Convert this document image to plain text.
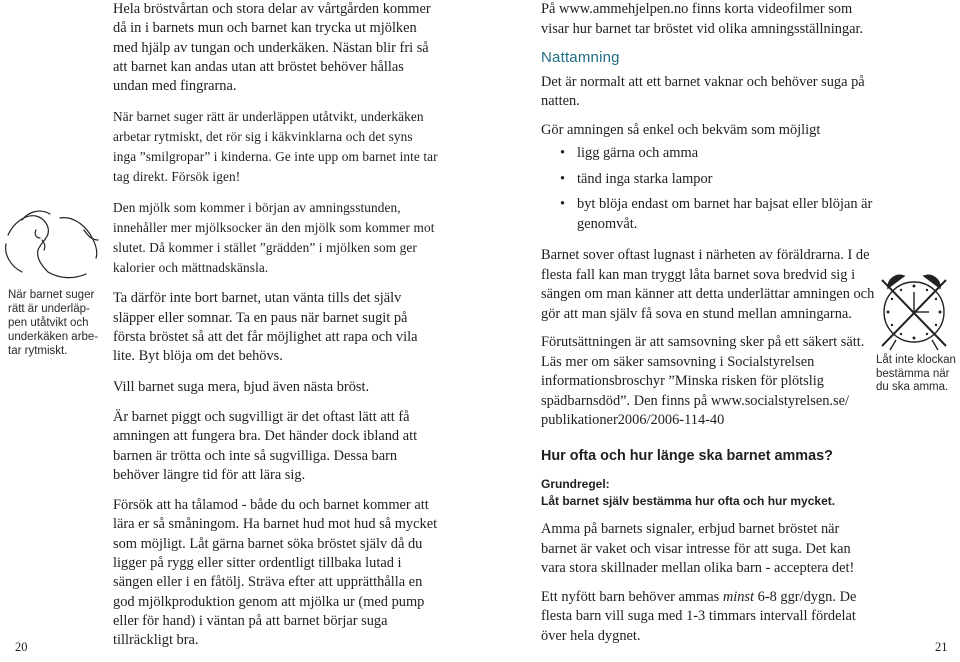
När barnet suger rätt är underläp-pen utåtvikt och underkäken arbe-tar rytmiskt.

Hela bröstvårtan och stora delar av vårtgården kommer då in i barnets mun och barnet kan trycka ut mjölken med hjälp av tungan och underkäken. Nästan blir fri så att barnet kan andas utan att bröstet behöver hållas undan med fingrarna.

När barnet suger rätt är underläppen utåtvikt, underkäken arbetar rytmiskt, det rör sig i käkvinklarna och det syns inga ”smilgropar” i kinderna. Ge inte upp om barnet inte tar tag direkt. Försök igen!

Den mjölk som kommer i början av amningsstunden, innehåller mer mjölksocker än den mjölk som kommer mot slutet. Då kommer i stället ”grädden” i mjölken som ger kalorier och mättnadskänsla.

Ta därför inte bort barnet, utan vänta tills det själv släpper eller somnar. Ta en paus när barnet sugit på första bröstet så att det får möjlighet att rapa och vila lite. Byt blöja om det behövs.

Vill barnet suga mera, bjud även nästa bröst.

Är barnet piggt och sugvilligt är det oftast lätt att få amningen att fungera bra. Det händer dock ibland att barnen är trötta och inte så sugvilliga. Dessa barn behöver längre tid för att lära sig.

Försök att ha tålamod - både du och barnet kommer att lära er så småningom. Ha barnet hud mot hud så mycket som möjligt. Låt gärna barnet söka bröstet själv då du ligger på rygg eller sitter ordentligt tillbaka lutad i sängen eller i en fåtölj. Sträva efter att upprätthålla en god mjölkproduktion genom att mjölka ur (med pump eller för hand) i väntan på att barnet börjar suga tillräckligt bra.

20

På www.ammehjelpen.no finns korta videofilmer som visar hur barnet tar bröstet vid olika amningsställningar.

Nattamning

Det är normalt att ett barnet vaknar och behöver suga på natten.

Gör amningen så enkel och bekväm som möjligt

• ligg gärna och amma
• tänd inga starka lampor
• byt blöja endast om barnet har bajsat eller blöjan är genomvåt.

Barnet sover oftast lugnast i närheten av föräldrarna. I de flesta fall kan man tryggt låta barnet sova bredvid sig i sängen om man känner att detta underlättar amningen och gör att man själv få sova en stund mellan amningarna.

Förutsättningen är att samsovning sker på ett säkert sätt. Läs mer om säker samsovning i Socialstyrelsen informationsbroschyr ”Minska risken för plötslig spädbarnsdöd”. Den finns på www.socialstyrelsen.se/ publikationer2006/2006-114-40

Hur ofta och hur länge ska barnet ammas?
Grundregel:
Låt barnet själv bestämma hur ofta och hur mycket.

Amma på barnets signaler, erbjud barnet bröstet när barnet är vaket och visar intresse för att suga. Det kan vara stora skillnader mellan olika barn - acceptera det!

Ett nyfött barn behöver ammas minst 6-8 ggr/dygn. De flesta barn vill suga med 1-3 timmars intervall fördelat över hela dygnet.

Låt inte klockan bestämma när du ska amma.
21
